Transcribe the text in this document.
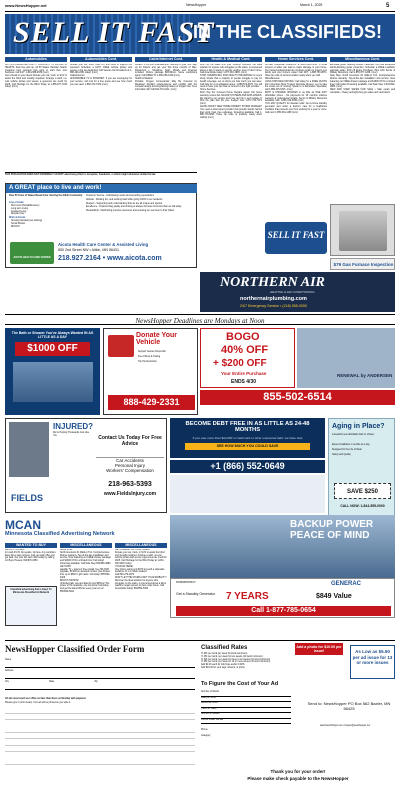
www.NewsHopper.net	NewsHopper	March 1, 2025	5
SELL IT FAST
IN THE CLASSIFIEDS!
Automobiles	Automobiles Cont.	Cable/Internet Cont.	Health & Medical Cont.	Home Services Cont.	Miscellaneous Cont.
GOT AN UNWANTED CAR??? DONATE IT TO PATRIOTIC HEARTS. Fast free pick up. All 50 States. Patriotic Hearts' programs help veterans find work or start their own business. Call 24/7: 1-844-588-6535 (mnc)
Get a break on your taxes! Donate your car, truck, or SUV to assist the blind and visually impaired. Arrange a swift, no-cost vehicle pickup and secure a generous tax credit for 2025. Call Heritage for the Blind Today at 1-855-977-7030 today! (mnc)
Donate your car, truck, boat, RV and more to support our veterans! Schedule a FAST, FREE vehicle pickup and receive a top tax deduction! Call Veteran Car Donations at 1-888-429-2331 today! (mnc)
Cable/Internet
AFFORDABLE TV & INTERNET. If you are overpaying for your service, call now for a free quote and see how much you can save! 1-866-372-7934 (mnc)
DIRECTV- All your entertainment. Nothing on your roof! Sign up for Directv and get your first three months of Max, Paramount +, Showtime, Starz, MGM+ and Cinemax included. Choice package $84.99/mo. Some restrictions apply. Call DIRECTV 1-866-296-1409 (mnc)
Health & Medical
Portable Oxygen Concentrator May Be Covered by Medicare! Reclaim independence and mobility with the compact design and long-lasting battery of Inogen One. Free information kit! Call 844-716-2411. (mnc)
Don't let the stairs limit your mobility! Discover the ideal solution for anyone who struggles on the stairs, is concerned about a fall or wants to access another level of their home. Call AmeriGlide today! 1-877-916-3995. (mnc)
STOP OVERPAYING FOR HEALTH INSURANCE! A recent study shows that a majority of people struggle to pay for health coverage. Let us show you how much you can save. Call Now for a no-obligation quote: 1-888-519-3376. You will need to have your zip code to connect to the right provider.
Home Services
Don't Pay For Covered Home Repairs Again! Our home warranty covers ALL MAJOR SYSTEMS AND APPLIANCES. We stand by our service and if we can't fix it, we'll replace it! Pick the plan that fits your budget! Call: 1-877-743-7971 (mnc)
AGING ROOF? NEW HOME-OWNER? STORM DAMAGE? You need a local expert provider that proudly stands behind their work. Fast, free estimates. Financing available. Call 1-888-770-6826. Have zip code of property ready when calling! (mnc)
WATER DAMAGE CLEANUP & RESTORATION: A small amount of water can lead to major damage in your home. Our trusted professionals do complete repairs to protect your family and your home's value! Call 24/7: 1-888-750-3874. Have zip code of service location ready when you call!
Miscellaneous
LONG DISTANCE MOVING: Call today for a FREE QUOTE from America's Most Trusted Interstate Movers. Let us take the stress out of moving! Speak to a Relocation Specialist, call 1-855-315-5316. (mnc)
BATH & SHOWER UPDATES in as little as ONE DAY! Affordable prices - No payments for 18 months! Lifetime warranty & professional installs. Senior & Military Discounts available. Call: 1-855-319-3395 (mnc)
YOU MAY QUALIFY for disaster relief. Get a home standby generator and under a doctor's care for a healthcare condition that prevents you from working for a year or more. Call now! 1-855-504-1468 (mnc)
Eliminate gutter cleaning forever! LeafFilter, the most advanced debris-blocking gutter protection. Schedule a FREE LeafFilter estimate today. 20% off Entire Purchase. Plus 10% Senior & Military Discounts. Call 1-855-577-1268. (mnc)
Safe Step. North America's #1 Walk-In Tub. Comprehensive lifetime warranty. Top-of-the-line installation and service. Now featuring our FREE shower package and $1600 Off for a limited time! Call today! Financing available. Call Safe Step 1-844-990-0883. (mnc)
NEW AND USED SAFES FOR SALE • Safe repair and relocation • Heavy and light-duty gun safes and vault doors
THIS PUBLICATION DOES NOT KNOWINGLY ACCEPT advertising which is deceptive, fraudulent, or which might otherwise violate the law.
A GREAT place to live and work!
Over 50 Years of Values Based Care. Serving the Aitkin Community:
Line of Acute:
Short term Rehab/Recovery
Long term Living
Assisted Living
Respite Care
Work at Aicota:
Nursing Assistant (we training)
Social Worker
RN/LPN
Customer Service - Anticipating needs and exceeding expectations
Attitude - Working fun, and working hard while giving 100% to our residents
Respect - Supporting and understanding that we are all unique and special
Excellence - Implementing quality and striving to always do better tomorrow than we did today
Stewardship - Maximizing precious resources and ensuring we use them to their fullest
AICOTA HEALTH CARE CENTER
Aicota Health Care Center & Assisted Living
850 2nd Street NW • Aitkin, MN 56431
218.927.2164 • www.aicota.com
SELL IT FAST
$79 Gas Furnace Inspection
NORTHERN AIR
HEATING & AIR CONDITIONING
northernairplumbing.com
24/7 Emergency Service • (218) 555-0000
NewsHopper Deadlines are Mondays at Noon
The Bath or Shower You've Always Wanted IN AS LITTLE AS A DAY
$1000 OFF
Donate Your Vehicle
Support Veteran Nonprofits
Free Pickup & Towing
Top Tax Deduction
888-429-2331
BOGO
40% OFF
+ $200 OFF
Your Entire Purchase
ENDS 4/30
RENEWAL by ANDERSEN
855-502-6514
INJURED?
We're Helping Thousands Just Like You	Contact Us Today For Free Advice
Car Accidents
Personal Injury
Workers' Compensation
218-963-5393
www.FieldsInjury.com
FIELDS
BECOME DEBT FREE IN AS LITTLE AS 24-48 MONTHS
If you owe more than $10,000 in credit card or other unsecured debt, we have help
SEE HOW MUCH YOU COULD SAVE
+1 (866) 552-0649
Aging in Place?
A beautiful new affordable bath or shower
Expert installation in as little as a day
Designed for the Life of Wear
Safety and Quality
SAVE $250
CALL NOW: 1-844-555-0000
BACKUP POWER PEACE OF MIND
POWERPROTECT	GENERAC
Get a Standby Generator 7 YEARS	$849 Value
Call 1-877-785-0654
MCAN
Minnesota Classified Advertising Network
WANTED TO BUY
WE BUY HOUSES
for cash AS IS! No repairs. No fuss. Any condition. Easy three step process: Call, get cash offer and get paid. Get your fair cash offer today by calling Liz Buys Houses: 844/970-0683
Classified advertising that is Easy! To Minnesota Classified Ad Network
MISCELLANEOUS
SAFE STEP
North America's #1 Walk-in Tub. Comprehensive lifetime warranty. Top-of-the-line installation and service. Now featuring our FREE shower package and $1600 Off for a limited time! Call today! Financing available. Call Safe Step 833/966-3882
GET DISH
satellite TV + internet! Free install, free HD-DVR upgrade, 80,000 on-demand movies, plus limited time up to $600 in gift cards. Call today! 855/562-4309
BOOST INFINITE!
Unlimited talk, text and data for just $25/mo! The power of 5G networks, one low price! Call today and get the latest iPhone every year on us! 855/849-6621
MISCELLANEOUS
GET A BREAK ON YOUR TAXES!
Donate your car, truck, or SUV to assist the blind and visually impaired. Arrange a swift, no-cost vehicle pickup and secure a generous tax credit for 2025. Call Heritage for the Blind Today at 1-844-300-5016 today!
YOUR AD HERE!
One phone call & only $279 to reach a statewide audience of 1.3 million readers!
Call 800-279-2979
DON'T LET THE STAIRS LIMIT YOUR MOBILITY!
Discover the ideal solution for anyone who struggles on the stairs, is concerned about a fall or wants to regain access to their entire home. Call AmeriGlide today! 866/852-5306
NewsHopper Classified Order Form
Name
Address
City	State	Zip
All ads must reach our office no later than Noon on Monday with payment.
Please type or print clearly. Your ad will be printed as you write it.
Classified Rates
☐ 20¢ per word per week (5 words minimum)
☐ 25¢ per word, per week for two weeks (10 word minimum)
☐ 30¢ per word, per week for three to 12 weeks (10 word minimum)
☐ 35¢ per word, per issue for 13 or more issues (10 word minimum)
Add $1.00 each for bold type and/or CAPS
Add $10.00 for your logo, artwork, or photo
Add a photo for $10.00 per issue!	As Low as $5.50 per ad issue for 13 or more issues
To Figure the Cost of Your Ad
Number of Words
Rate per Word
Additional Costs
Total Per Week
Number of Weeks
TOTAL COST OF AD
Phone
Category:
Send to: NewsHopper PO Box 562 Baxter, MN 56425
www.NewsHopper.net • hopper@newshopper.net
Thank you for your order!
Please make check payable to the NewsHopper
